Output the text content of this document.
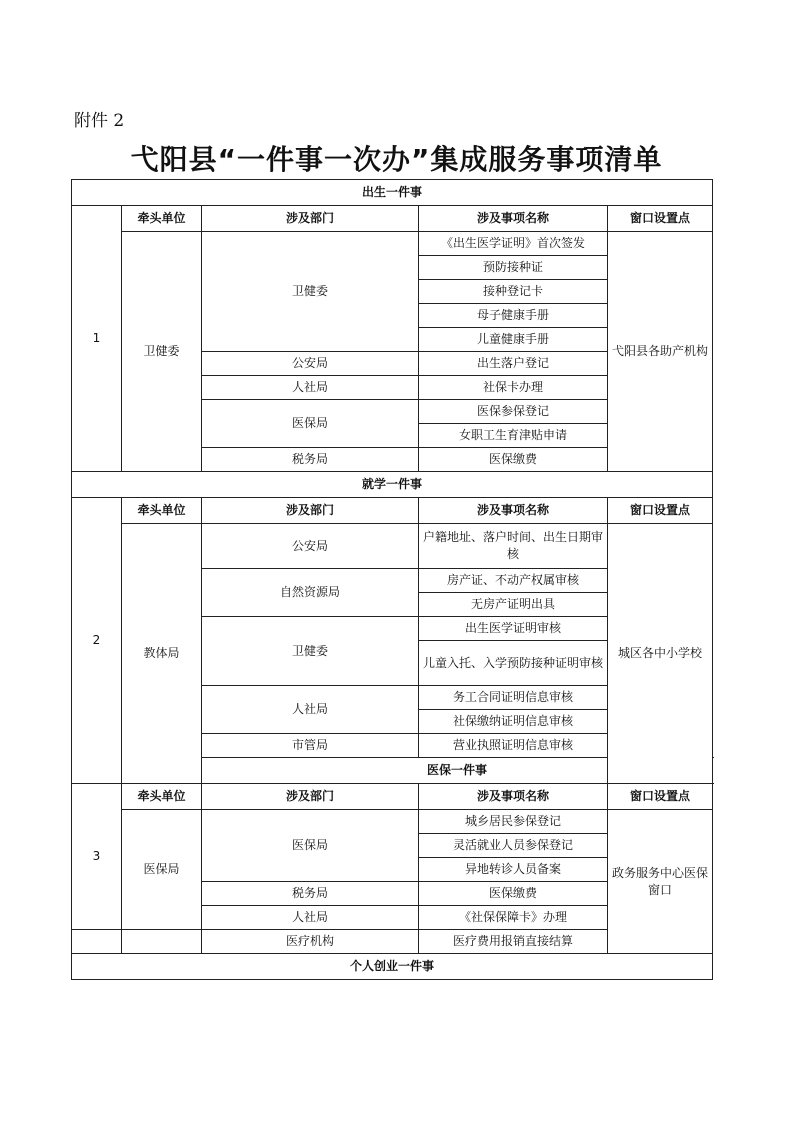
附件 2
弋阳县“一件事一次办”集成服务事项清单
出生一件事				
1	牵头单位	涉及部门	涉及事项名称	窗口设置点
	卫健委	卫健委	《出生医学证明》首次签发	弋阳县各助产机构
			预防接种证	
			接种登记卡	
			母子健康手册	
			儿童健康手册	
		公安局	出生落户登记	
		人社局	社保卡办理	
		医保局	医保参保登记	
			女职工生育津贴申请	
		税务局	医保缴费	
就学一件事				
2	牵头单位	涉及部门	涉及事项名称	窗口设置点
	教体局	公安局	户籍地址、落户时间、出生日期审核	城区各中小学校
		自然资源局	房产证、不动产权属审核	
			无房产证明出具	
		卫健委	出生医学证明审核	
			儿童入托、入学预防接种证明审核	
		人社局	务工合同证明信息审核	
			社保缴纳证明信息审核	
		市管局	营业执照证明信息审核	
		医保一件事		
3	牵头单位	涉及部门	涉及事项名称	窗口设置点
	医保局	医保局	城乡居民参保登记	政务服务中心医保窗口
			灵活就业人员参保登记	
			异地转诊人员备案	
		税务局	医保缴费	
		人社局	《社保保障卡》办理	
		医疗机构	医疗费用报销直接结算	
个人创业一件事				
